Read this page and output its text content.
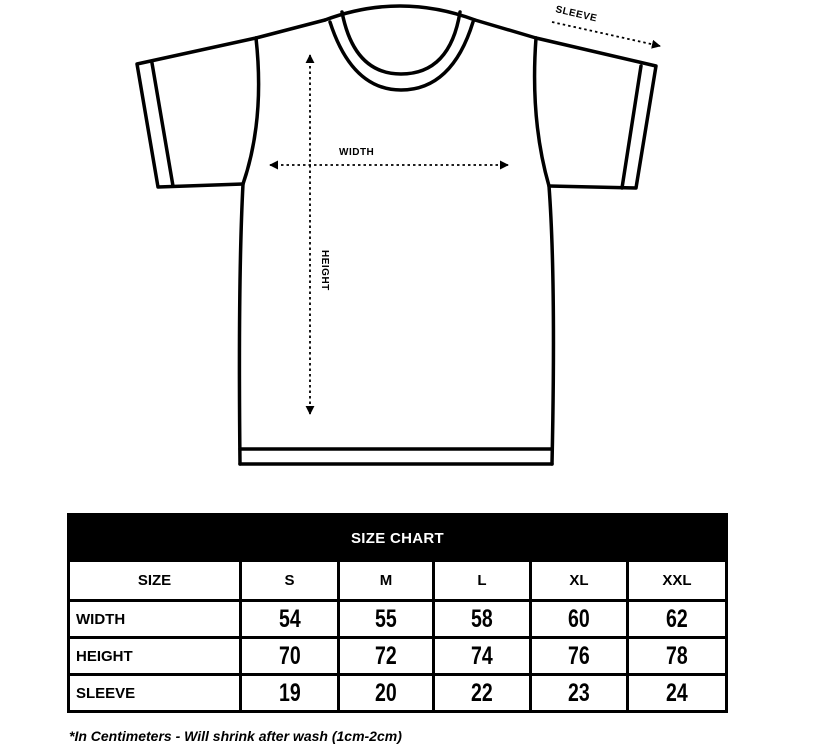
SLEEVE
WIDTH
HEIGHT
SIZE CHART
SIZE	S	M	L	XL	XXL
WIDTH	54	55	58	60	62
HEIGHT	70	72	74	76	78
SLEEVE	19	20	22	23	24
*In Centimeters - Will shrink after wash (1cm-2cm)
